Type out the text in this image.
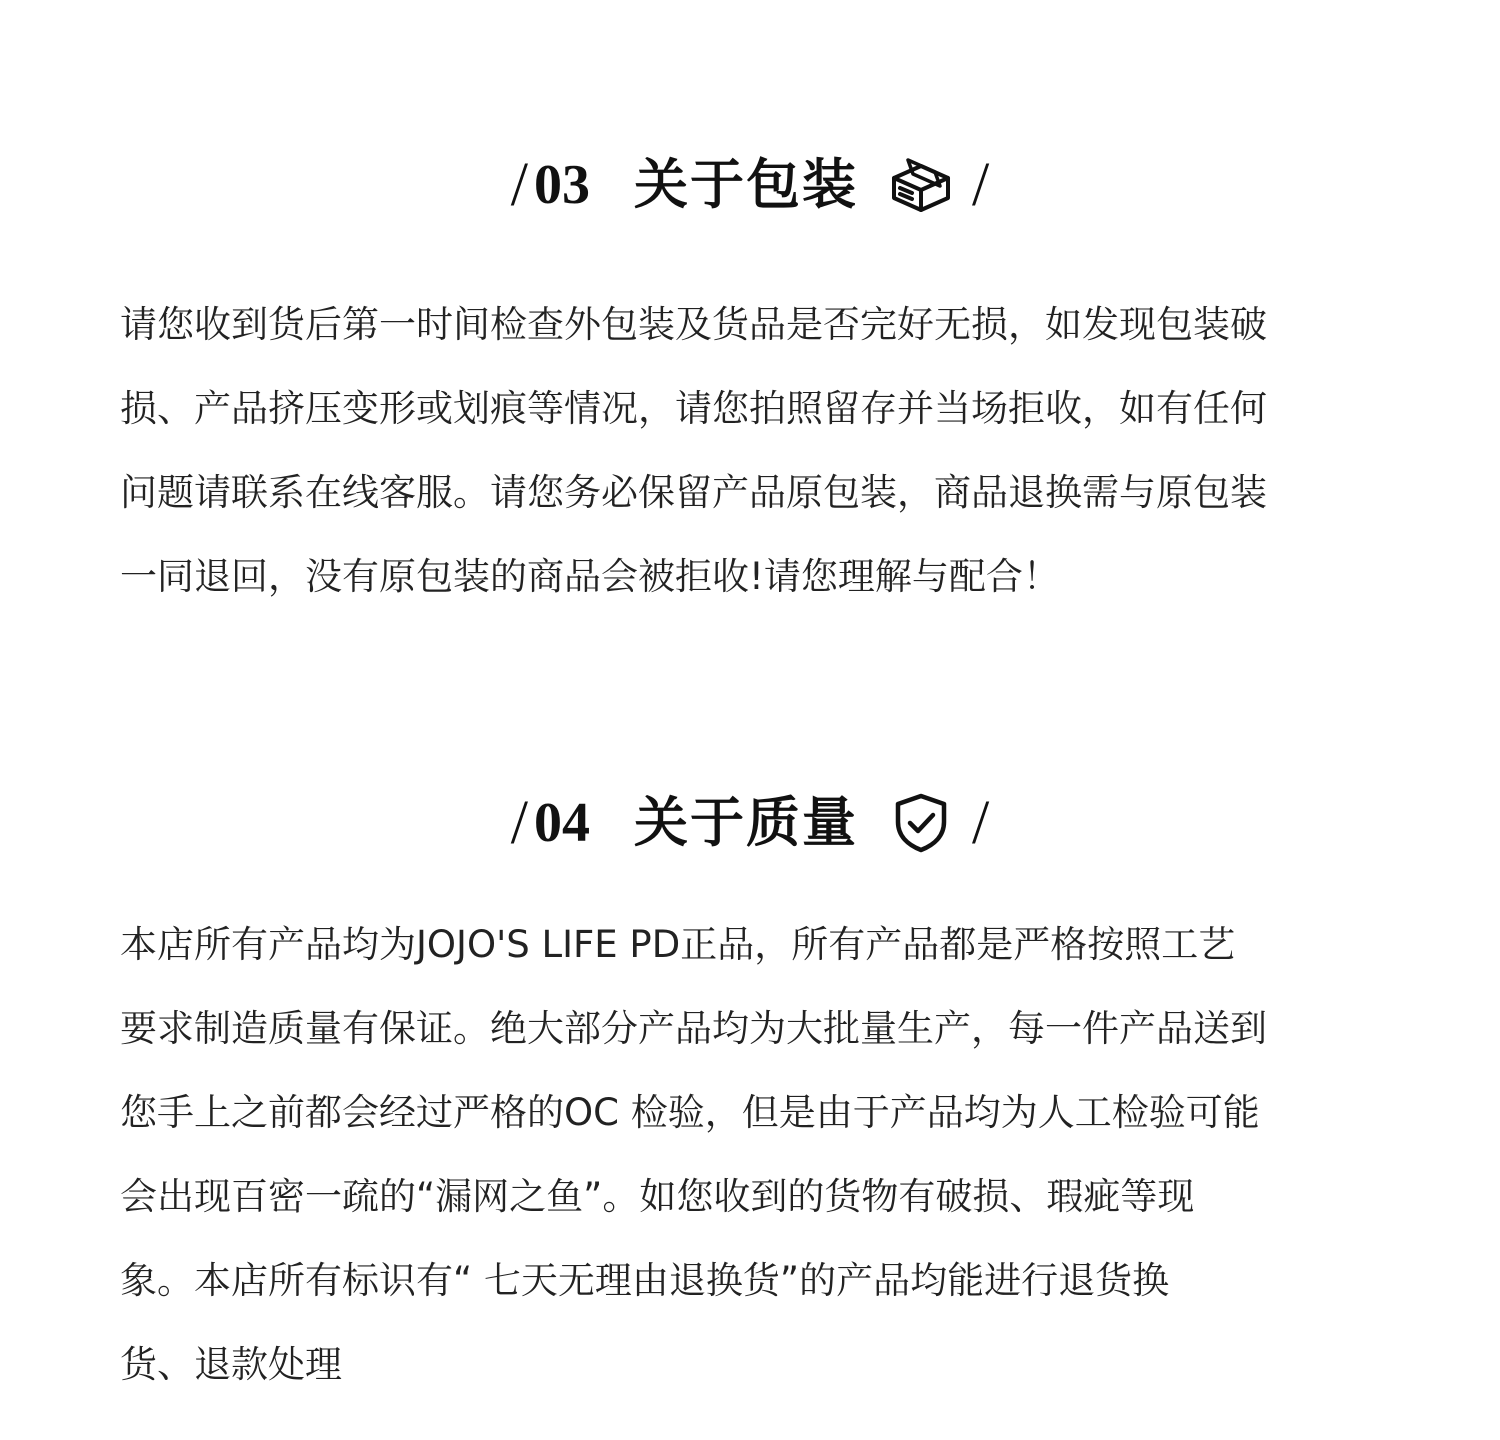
/ 03 关于包装 /

请您收到货后第一时间检查外包装及货品是否完好无损，如发现包装破
损、产品挤压变形或划痕等情况，请您拍照留存并当场拒收，如有任何
问题请联系在线客服。请您务必保留产品原包装，商品退换需与原包装
一同退回，没有原包装的商品会被拒收!请您理解与配合！

/ 04 关于质量 /

本店所有产品均为JOJO'S LIFE PD正品，所有产品都是严格按照工艺
要求制造质量有保证。绝大部分产品均为大批量生产，每一件产品送到
您手上之前都会经过严格的OC 检验，但是由于产品均为人工检验可能
会出现百密一疏的“漏网之鱼”。如您收到的货物有破损、瑕疵等现
象。本店所有标识有“ 七天无理由退换货”的产品均能进行退货换
货、退款处理
